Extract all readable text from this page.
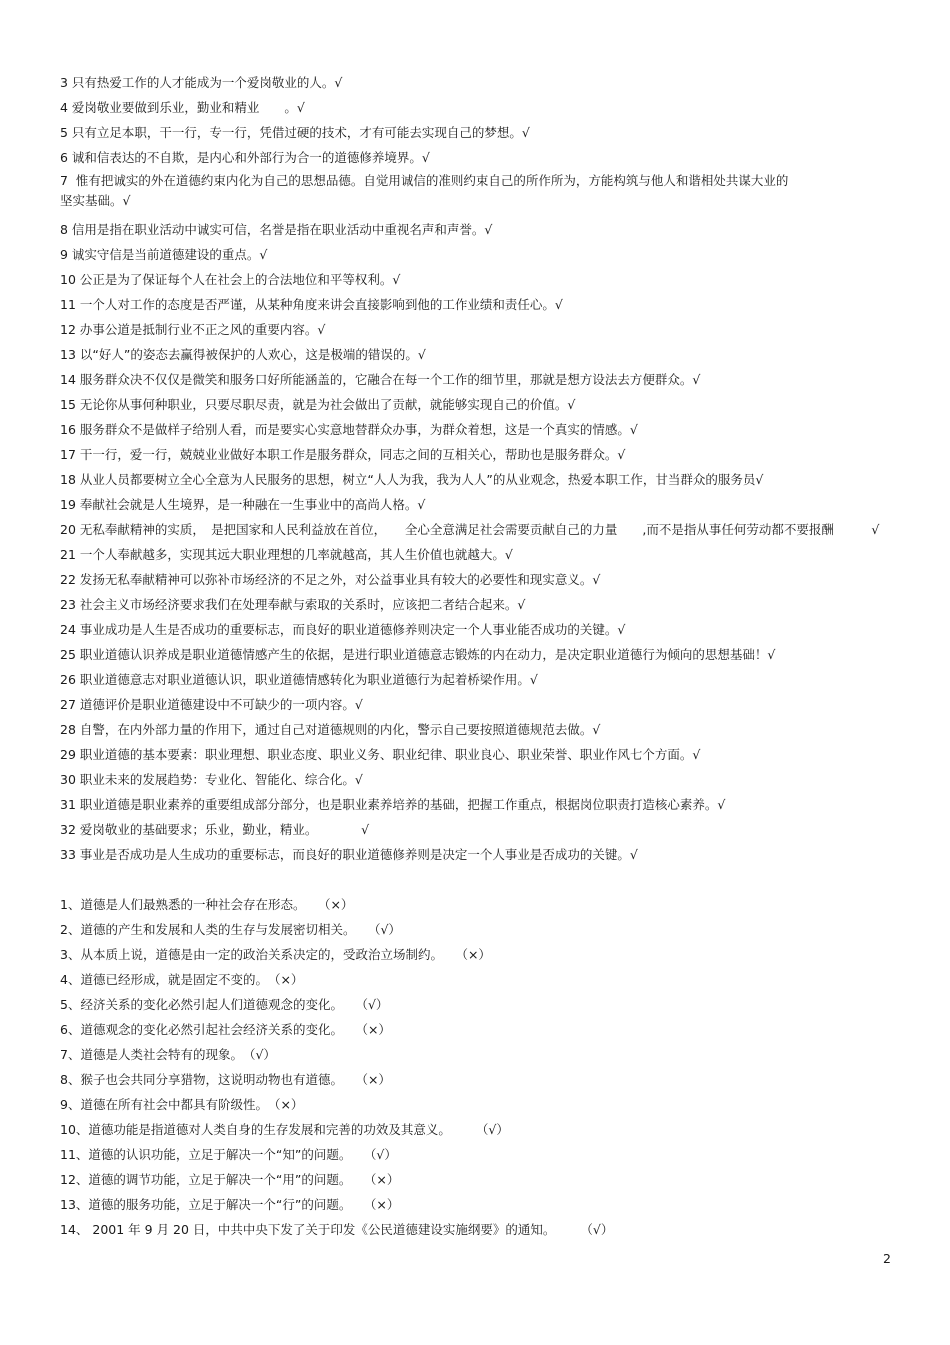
3 只有热爱工作的人才能成为一个爱岗敬业的人。√
4 爱岗敬业要做到乐业，勤业和精业　　。√
5 只有立足本职，干一行，专一行，凭借过硬的技术，才有可能去实现自己的梦想。√
6 诚和信表达的不自欺，是内心和外部行为合一的道德修养境界。√
7  惟有把诚实的外在道德约束内化为自己的思想品德。自觉用诚信的准则约束自己的所作所为，方能构筑与他人和谐相处共谋大业的
坚实基础。√
8 信用是指在职业活动中诚实可信，名誉是指在职业活动中重视名声和声誉。√
9 诚实守信是当前道德建设的重点。√
10 公正是为了保证每个人在社会上的合法地位和平等权利。√
11 一个人对工作的态度是否严谨，从某种角度来讲会直接影响到他的工作业绩和责任心。√
12 办事公道是抵制行业不正之风的重要内容。√
13 以“好人”的姿态去赢得被保护的人欢心，这是极端的错误的。√
14 服务群众决不仅仅是微笑和服务口好所能涵盖的，它融合在每一个工作的细节里，那就是想方设法去方便群众。√
15 无论你从事何种职业，只要尽职尽责，就是为社会做出了贡献，就能够实现自己的价值。√
16 服务群众不是做样子给别人看，而是要实心实意地替群众办事，为群众着想，这是一个真实的情感。√
17 干一行，爱一行，兢兢业业做好本职工作是服务群众，同志之间的互相关心，帮助也是服务群众。√
18 从业人员都要树立全心全意为人民服务的思想，树立“人人为我，我为人人”的从业观念，热爱本职工作，甘当群众的服务员√
19 奉献社会就是人生境界，是一种融在一生事业中的高尚人格。√
20 无私奉献精神的实质，　是把国家和人民利益放在首位，　　全心全意满足社会需要贡献自己的力量　　,而不是指从事任何劳动都不要报酬　　　√
21 一个人奉献越多，实现其远大职业理想的几率就越高，其人生价值也就越大。√
22 发扬无私奉献精神可以弥补市场经济的不足之外，对公益事业具有较大的必要性和现实意义。√
23 社会主义市场经济要求我们在处理奉献与索取的关系时，应该把二者结合起来。√
24 事业成功是人生是否成功的重要标志，而良好的职业道德修养则决定一个人事业能否成功的关键。√
25 职业道德认识养成是职业道德情感产生的依据，是进行职业道德意志锻炼的内在动力，是决定职业道德行为倾向的思想基础！√
26 职业道德意志对职业道德认识，职业道德情感转化为职业道德行为起着桥梁作用。√
27 道德评价是职业道德建设中不可缺少的一项内容。√
28 自警，在内外部力量的作用下，通过自己对道德规则的内化，警示自己要按照道德规范去做。√
29 职业道德的基本要素：职业理想、职业态度、职业义务、职业纪律、职业良心、职业荣誉、职业作风七个方面。√
30 职业未来的发展趋势：专业化、智能化、综合化。√
31 职业道德是职业素养的重要组成部分部分，也是职业素养培养的基础，把握工作重点，根据岗位职责打造核心素养。√
32 爱岗敬业的基础要求；乐业，勤业，精业。　　　　√
33 事业是否成功是人生成功的重要标志，而良好的职业道德修养则是决定一个人事业是否成功的关键。√
1、道德是人们最熟悉的一种社会存在形态。　　（×）
2、道德的产生和发展和人类的生存与发展密切相关。　　（√）
3、从本质上说，道德是由一定的政治关系决定的，受政治立场制约。　　（×）
4、道德已经形成，就是固定不变的。　（×）
5、经济关系的变化必然引起人们道德观念的变化。　　（√）
6、道德观念的变化必然引起社会经济关系的变化。　　（×）
7、道德是人类社会特有的现象。　（√）
8、猴子也会共同分享猎物，这说明动物也有道德。　　（×）
9、道德在所有社会中都具有阶级性。　（×）
10、道德功能是指道德对人类自身的生存发展和完善的功效及其意义。　　　（√）
11、道德的认识功能，立足于解决一个“知”的问题。　　（√）
12、道德的调节功能，立足于解决一个“用”的问题。　　（×）
13、道德的服务功能，立足于解决一个“行”的问题。　　（×）
14、 2001 年 9 月 20 日，中共中央下发了关于印发《公民道德建设实施纲要》的通知。　　　（√）
2
